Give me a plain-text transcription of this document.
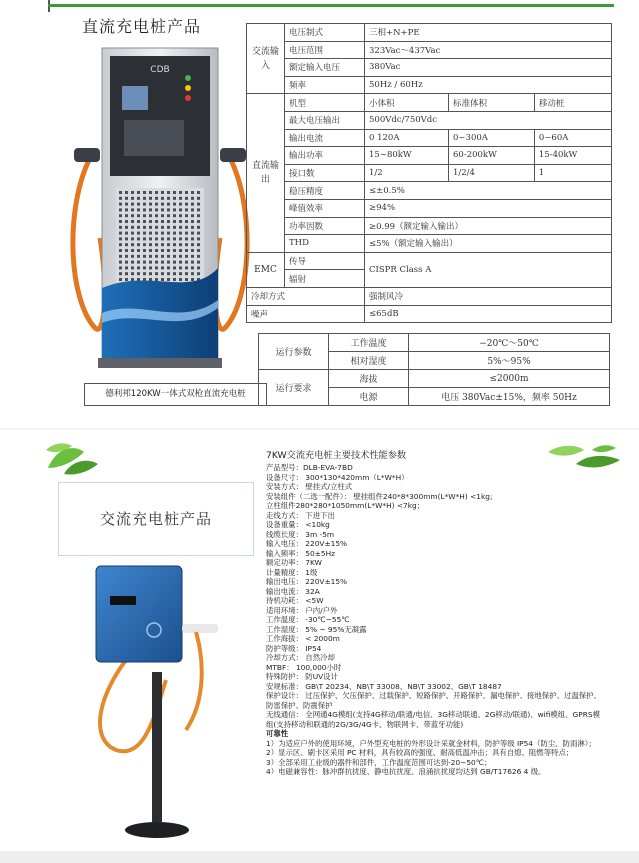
直流充电桩产品
CDB
德利邦120KW一体式双枪直流充电桩
交流输入	电压制式	三相+N+PE		
	电压范围	323Vac～437Vac		
	额定输入电压	380Vac		
	频率	50Hz / 60Hz		
直流输出	机型	小体积	标准体积	移动桩
	最大电压输出	500Vdc/750Vdc		
	输出电流	0 120A	0~300A	0~60A
	输出功率	15~80kW	60-200kW	15-40kW
	接口数	1/2	1/2/4	1
	稳压精度	≤±0.5%		
	峰值效率	≥94%		
	功率因数	≥0.99（额定输入输出）		
	THD	≤5%（额定输入输出）		
EMC	传导	CISPR Class A		
	辐射			
冷却方式		强制风冷		
噪声		≤65dB		
运行参数	工作温度	−20℃～50℃
	相对湿度	5%～95%
运行要求	海拔	≤2000m
	电源	电压 380Vac±15%，频率 50Hz
交流充电桩产品
7KW交流充电桩主要技术性能参数
产品型号：DLB-EVA-7BD
设备尺寸： 300*130*420mm（L*W*H）
安装方式： 壁挂式/立柱式
安装组件（二选一配件）： 壁挂组件240*8*300mm(L*W*H) <1kg;
立柱组件280*280*1050mm(L*W*H) <7kg；
走线方式： 下进下出
设备重量： <10kg
线缆长度： 3m -5m
输入电压： 220V±15%
输入频率： 50±5Hz
额定功率： 7KW
计量精度： 1级
输出电压： 220V±15%
输出电流： 32A
待机功耗： <5W
适用环境： 户内/户外
工作温度： -30℃~55℃
工作湿度： 5% ~ 95%无凝露
工作海拔： < 2000m
防护等级： IP54
冷却方式： 自然冷却
MTBF： 100,000小时
特殊防护： 防UV设计
安规标准： GB\T 20234、NB\T 33008、NB\T 33002、GB\T 18487
保护设计： 过压保护、欠压保护、过载保护、短路保护、开路保护、漏电保护、接地保护、过温保护、防雷保护、防震保护
无线通信： 全网通4G模组(支持4G移动/联通/电信、3G移动联通、2G移动/联通)、wifi模组、GPRS模组(支持移动和联通的2G/3G/4G卡、物联网卡、带蓝牙功能)
可靠性
1）为适应户外的使用环境，户外型充电桩的外形设计采就金材料，防护等级 IP54（防尘、防雨淋）；
2）显示区、刷卡区采用 PC 材料，具有较高的强度、耐高低温冲击；具有自熄、阻燃等特点；
3）全部采用工业级的器件和部件，工作温度范围可达到-20~50℃；
4）电磁兼容性：脉冲群抗扰度、静电抗扰度、浪涌抗扰度均达到 GB/T17626 4 级。
